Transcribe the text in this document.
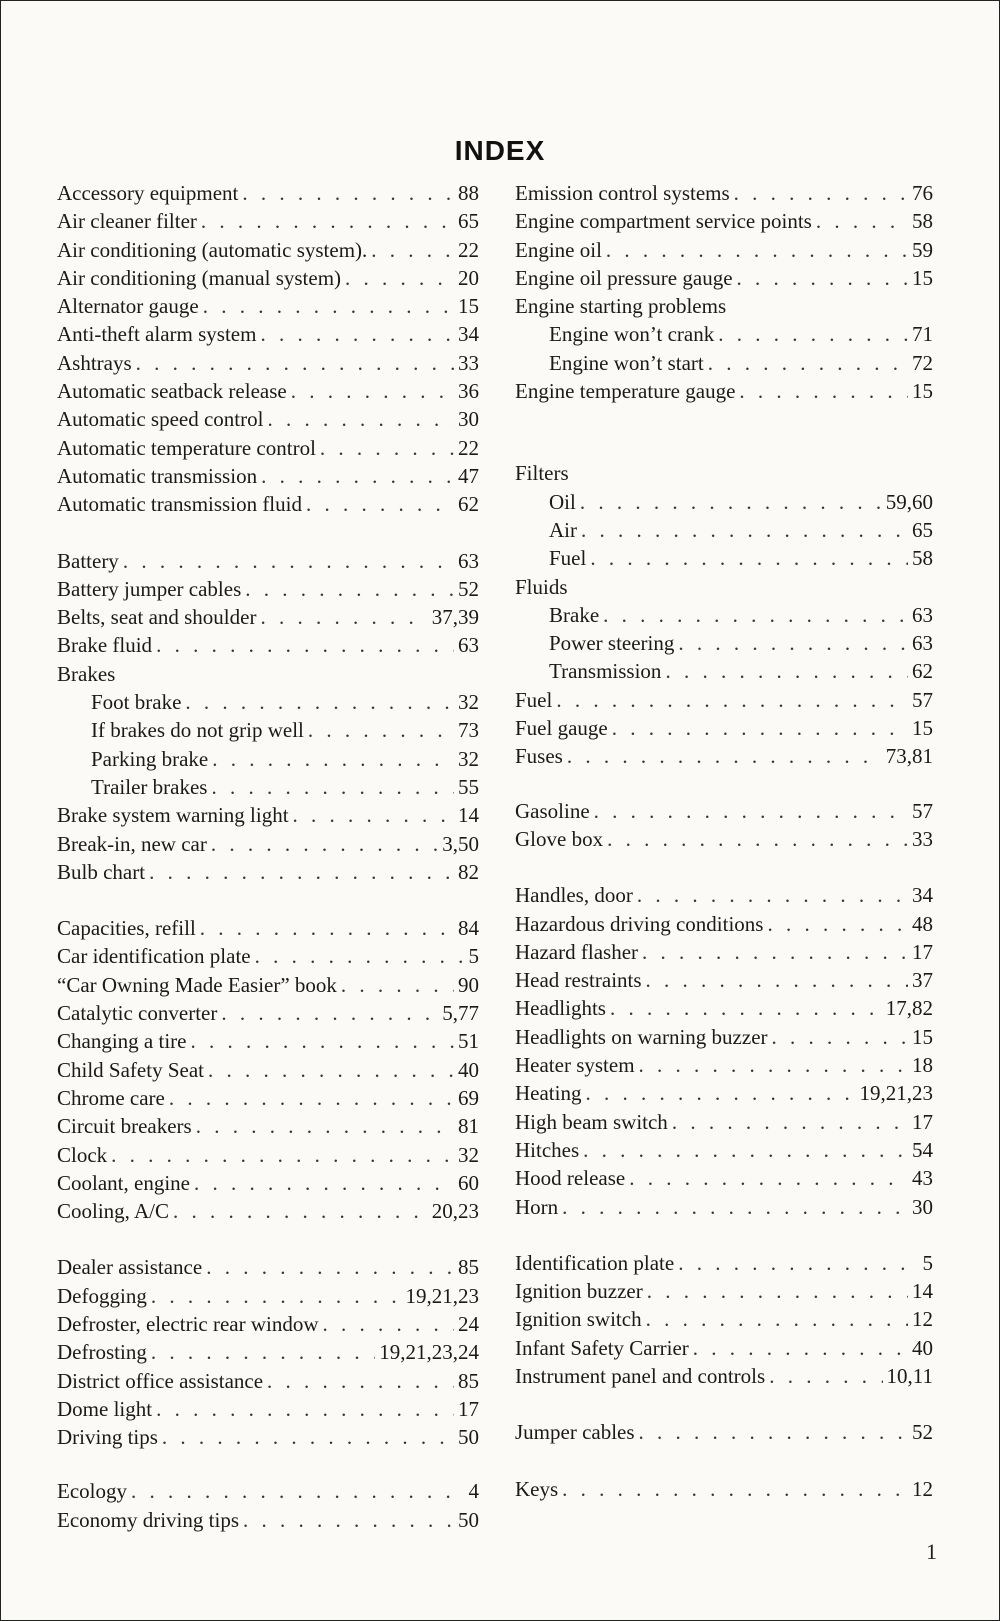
INDEX
Accessory equipment . . .	88
Air cleaner filter . . .	65
Air conditioning (automatic system). . . .	22
Air conditioning (manual system) . . .	20
Alternator gauge . . .	15
Anti-theft alarm system . . .	34
Ashtrays . . .	33
Automatic seatback release . . .	36
Automatic speed control . . .	30
Automatic temperature control . . .	22
Automatic transmission . . .	47
Automatic transmission fluid . . .	62
Battery . . .	63
Battery jumper cables . . .	52
Belts, seat and shoulder . . .	37,39
Brake fluid . . .	63
Brakes
Foot brake . . .	32
If brakes do not grip well . . .	73
Parking brake . . .	32
Trailer brakes . . .	55
Brake system warning light . . .	14
Break-in, new car . . .	3,50
Bulb chart . . .	82
Capacities, refill . . .	84
Car identification plate . . .	5
“Car Owning Made Easier” book . . .	90
Catalytic converter . . .	5,77
Changing a tire . . .	51
Child Safety Seat . . .	40
Chrome care . . .	69
Circuit breakers . . .	81
Clock . . .	32
Coolant, engine . . .	60
Cooling, A/C . . .	20,23
Dealer assistance . . .	85
Defogging . . .	19,21,23
Defroster, electric rear window . . .	24
Defrosting . . .	19,21,23,24
District office assistance . . .	85
Dome light . . .	17
Driving tips . . .	50
Ecology . . .	4
Economy driving tips . . .	50
Emission control systems . . .	76
Engine compartment service points . . .	58
Engine oil . . .	59
Engine oil pressure gauge . . .	15
Engine starting problems
Engine won’t crank . . .	71
Engine won’t start . . .	72
Engine temperature gauge . . .	15
Filters
Oil . . .	59,60
Air . . .	65
Fuel . . .	58
Fluids
Brake . . .	63
Power steering . . .	63
Transmission . . .	62
Fuel . . .	57
Fuel gauge . . .	15
Fuses . . .	73,81
Gasoline . . .	57
Glove box . . .	33
Handles, door . . .	34
Hazardous driving conditions . . .	48
Hazard flasher . . .	17
Head restraints . . .	37
Headlights . . .	17,82
Headlights on warning buzzer . . .	15
Heater system . . .	18
Heating . . .	19,21,23
High beam switch . . .	17
Hitches . . .	54
Hood release . . .	43
Horn . . .	30
Identification plate . . .	5
Ignition buzzer . . .	14
Ignition switch . . .	12
Infant Safety Carrier . . .	40
Instrument panel and controls . . .	10,11
Jumper cables . . .	52
Keys . . .	12
1
